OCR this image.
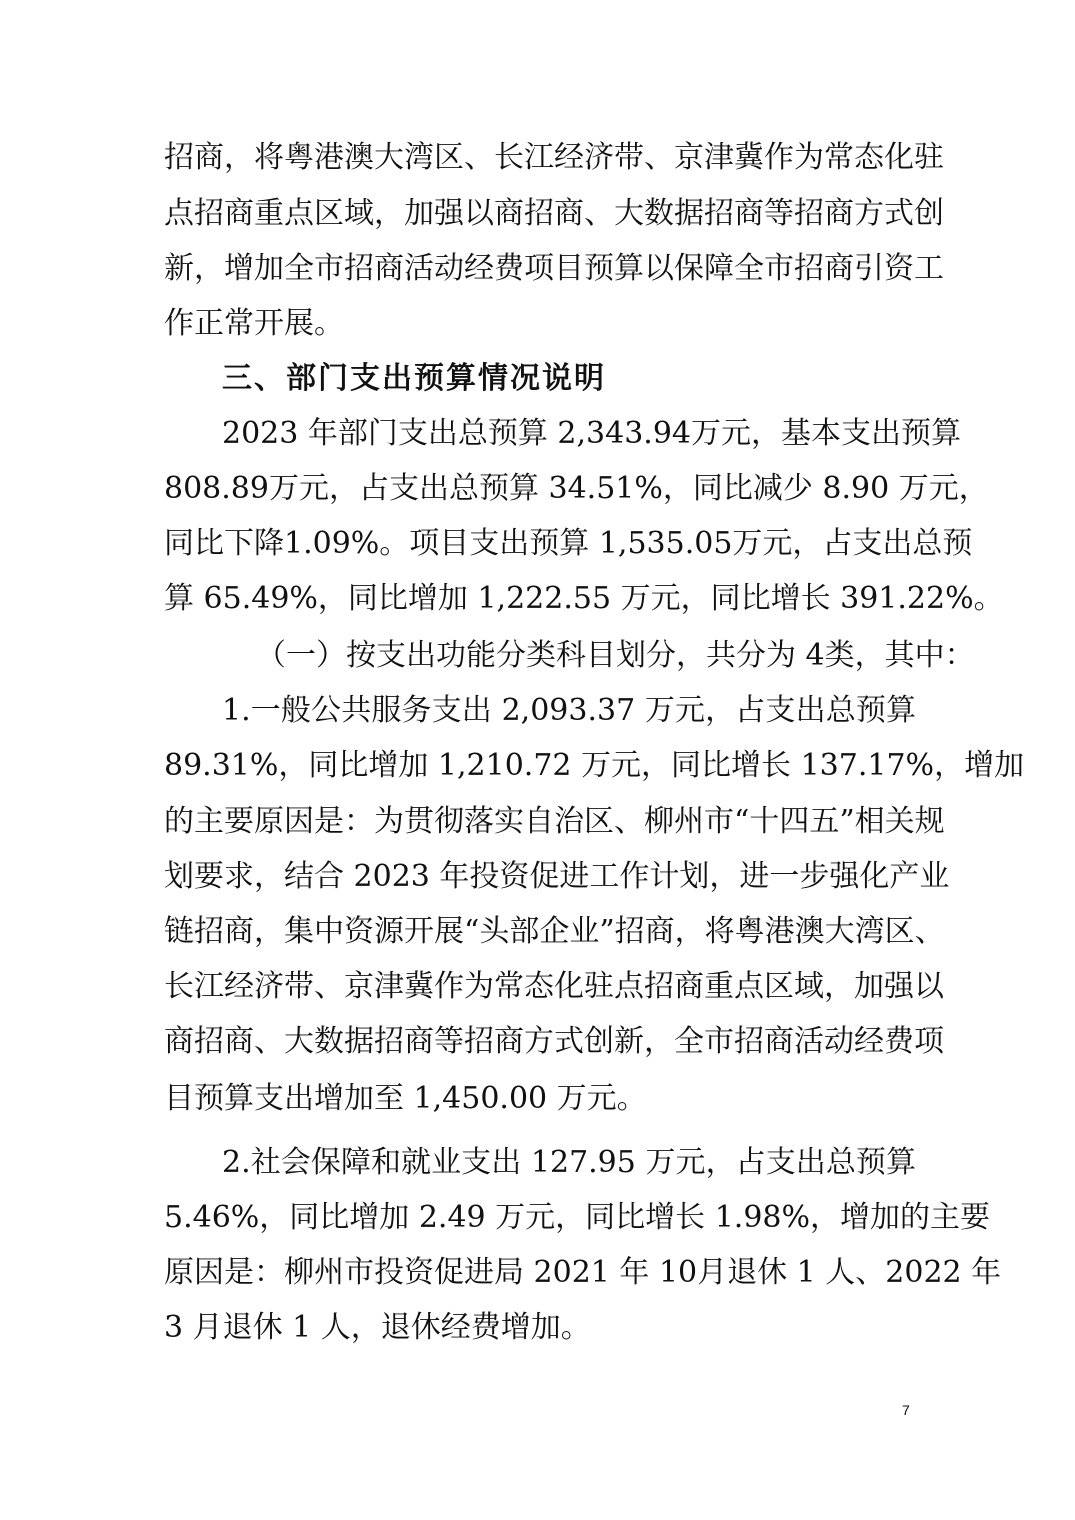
招商，将粤港澳大湾区、长江经济带、京津冀作为常态化驻
点招商重点区域，加强以商招商、大数据招商等招商方式创
新，增加全市招商活动经费项目预算以保障全市招商引资工
作正常开展。
三、部门支出预算情况说明
2023 年部门支出总预算 2,343.94万元，基本支出预算
808.89万元，占支出总预算 34.51%，同比减少 8.90 万元，
同比下降1.09%。项目支出预算 1,535.05万元，占支出总预
算 65.49%，同比增加 1,222.55 万元，同比增长 391.22%。
（一）按支出功能分类科目划分，共分为 4类，其中：
1.一般公共服务支出 2,093.37 万元，占支出总预算
89.31%，同比增加 1,210.72 万元，同比增长 137.17%，增加
的主要原因是：为贯彻落实自治区、柳州市“十四五”相关规
划要求，结合 2023 年投资促进工作计划，进一步强化产业
链招商，集中资源开展“头部企业”招商，将粤港澳大湾区、
长江经济带、京津冀作为常态化驻点招商重点区域，加强以
商招商、大数据招商等招商方式创新，全市招商活动经费项
目预算支出增加至 1,450.00 万元。
2.社会保障和就业支出 127.95 万元，占支出总预算
5.46%，同比增加 2.49 万元，同比增长 1.98%，增加的主要
原因是：柳州市投资促进局 2021 年 10月退休 1 人、2022 年
3 月退休 1 人，退休经费增加。
7
